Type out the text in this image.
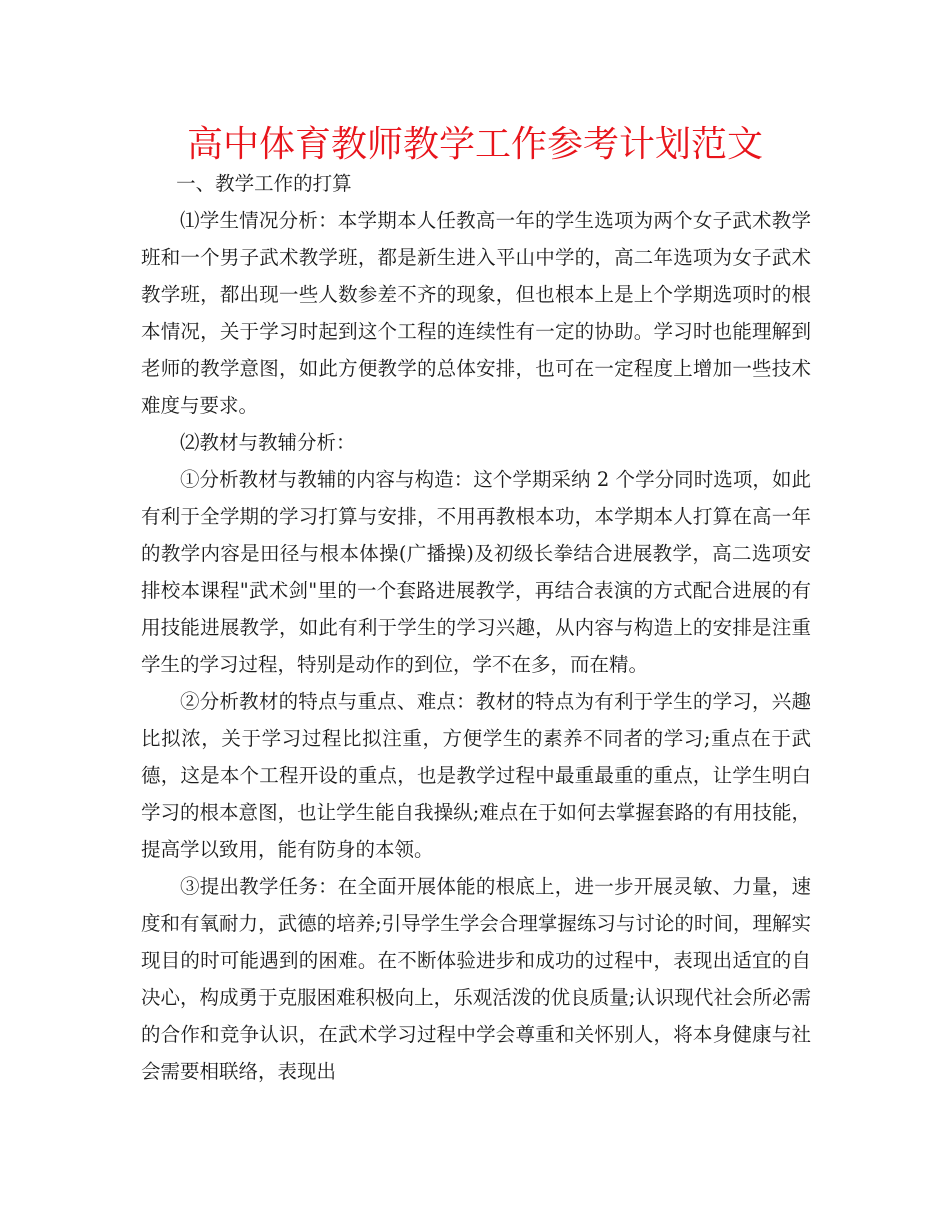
高中体育教师教学工作参考计划范文

一、教学工作的打算

⑴学生情况分析：本学期本人任教高一年的学生选项为两个女子武术教学班和一个男子武术教学班，都是新生进入平山中学的，高二年选项为女子武术教学班，都出现一些人数参差不齐的现象，但也根本上是上个学期选项时的根本情况，关于学习时起到这个工程的连续性有一定的协助。学习时也能理解到老师的教学意图，如此方便教学的总体安排，也可在一定程度上增加一些技术难度与要求。

⑵教材与教辅分析：

①分析教材与教辅的内容与构造：这个学期采纳 2 个学分同时选项，如此有利于全学期的学习打算与安排，不用再教根本功，本学期本人打算在高一年的教学内容是田径与根本体操(广播操)及初级长拳结合进展教学，高二选项安排校本课程"武术剑"里的一个套路进展教学，再结合表演的方式配合进展的有用技能进展教学，如此有利于学生的学习兴趣，从内容与构造上的安排是注重学生的学习过程，特别是动作的到位，学不在多，而在精。

②分析教材的特点与重点、难点：教材的特点为有利于学生的学习，兴趣比拟浓，关于学习过程比拟注重，方便学生的素养不同者的学习;重点在于武德，这是本个工程开设的重点，也是教学过程中最重最重的重点，让学生明白学习的根本意图，也让学生能自我操纵;难点在于如何去掌握套路的有用技能，提高学以致用，能有防身的本领。

③提出教学任务：在全面开展体能的根底上，进一步开展灵敏、力量，速度和有氧耐力，武德的培养;引导学生学会合理掌握练习与讨论的时间，理解实现目的时可能遇到的困难。在不断体验进步和成功的过程中，表现出适宜的自决心，构成勇于克服困难积极向上，乐观活泼的优良质量;认识现代社会所必需的合作和竞争认识，在武术学习过程中学会尊重和关怀别人，将本身健康与社会需要相联络，表现出
